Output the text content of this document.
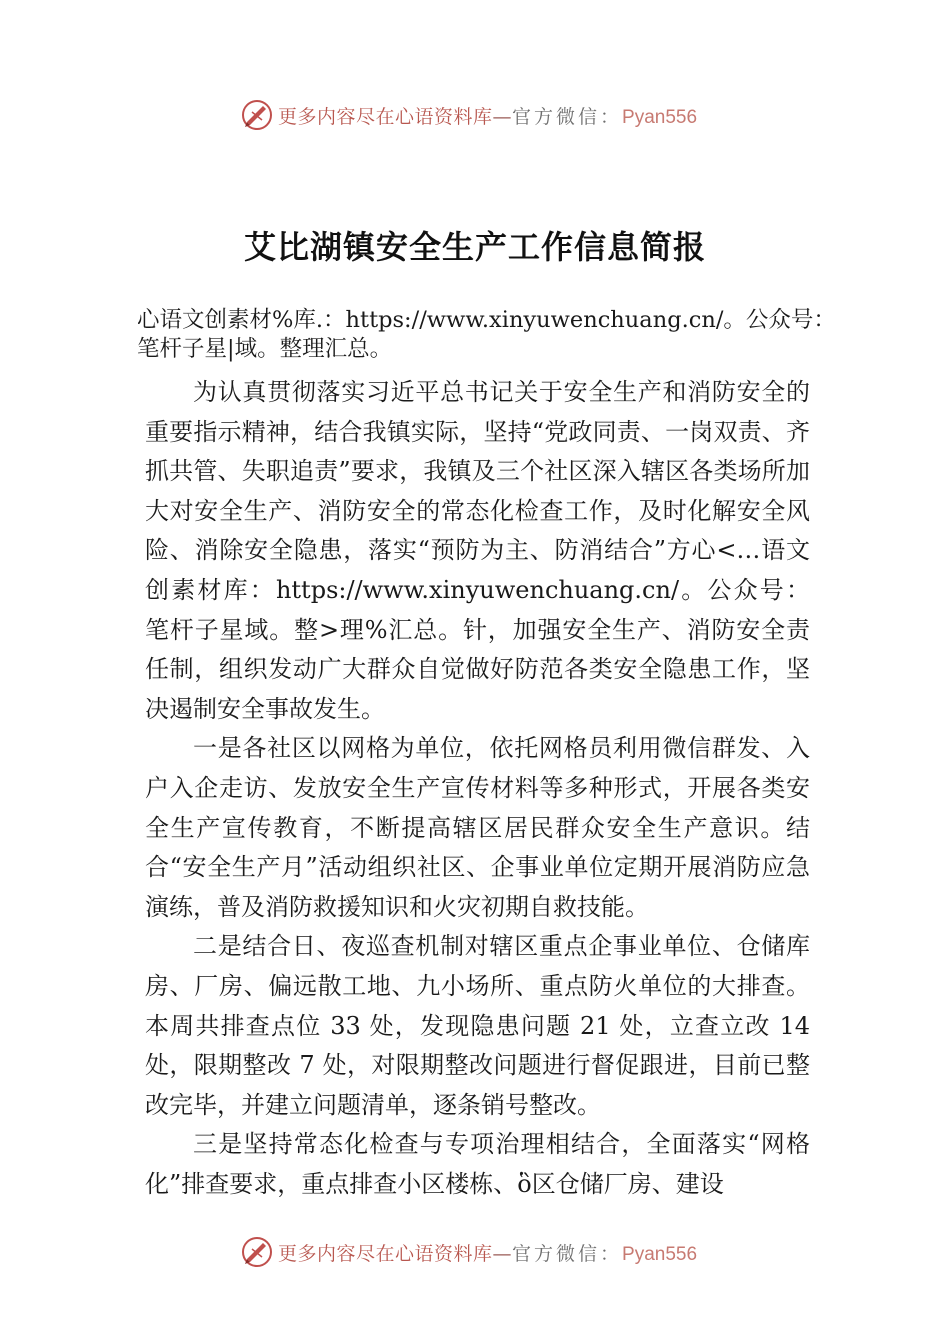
更多内容尽在心语资料库—官方微信：Pyan556
艾比湖镇安全生产工作信息简报
心语文创素材%库.：https://www.xinyuwenchuang.cn/。公众号：笔杆子星|域。整理汇总。

为认真贯彻落实习近平总书记关于安全生产和消防安全的重要指示精神，结合我镇实际，坚持“党政同责、一岗双责、齐抓共管、失职追责”要求，我镇及三个社区深入辖区各类场所加大对安全生产、消防安全的常态化检查工作，及时化解安全风险、消除安全隐患，落实“预防为主、防消结合”方心<…语文创素材库：https://www.xinyuwenchuang.cn/。公众号：笔杆子星域。整>理%汇总。针，加强安全生产、消防安全责任制，组织发动广大群众自觉做好防范各类安全隐患工作，坚决遏制安全事故发生。

一是各社区以网格为单位，依托网格员利用微信群发、入户入企走访、发放安全生产宣传材料等多种形式，开展各类安全生产宣传教育，不断提高辖区居民群众安全生产意识。结合“安全生产月”活动组织社区、企事业单位定期开展消防应急演练，普及消防救援知识和火灾初期自救技能。

二是结合日、夜巡查机制对辖区重点企事业单位、仓储库房、厂房、偏远散工地、九小场所、重点防火单位的大排查。本周共排查点位 33 处，发现隐患问题 21 处，立查立改 14 处，限期整改 7 处，对限期整改问题进行督促跟进，目前已整改完毕，并建立问题清单，逐条销号整改。

三是坚持常态化检查与专项治理相结合，全面落实“网格化”排查要求，重点排查小区楼栋、ὃ区仓储厂房、建设

更多内容尽在心语资料库—官方微信：Pyan556
